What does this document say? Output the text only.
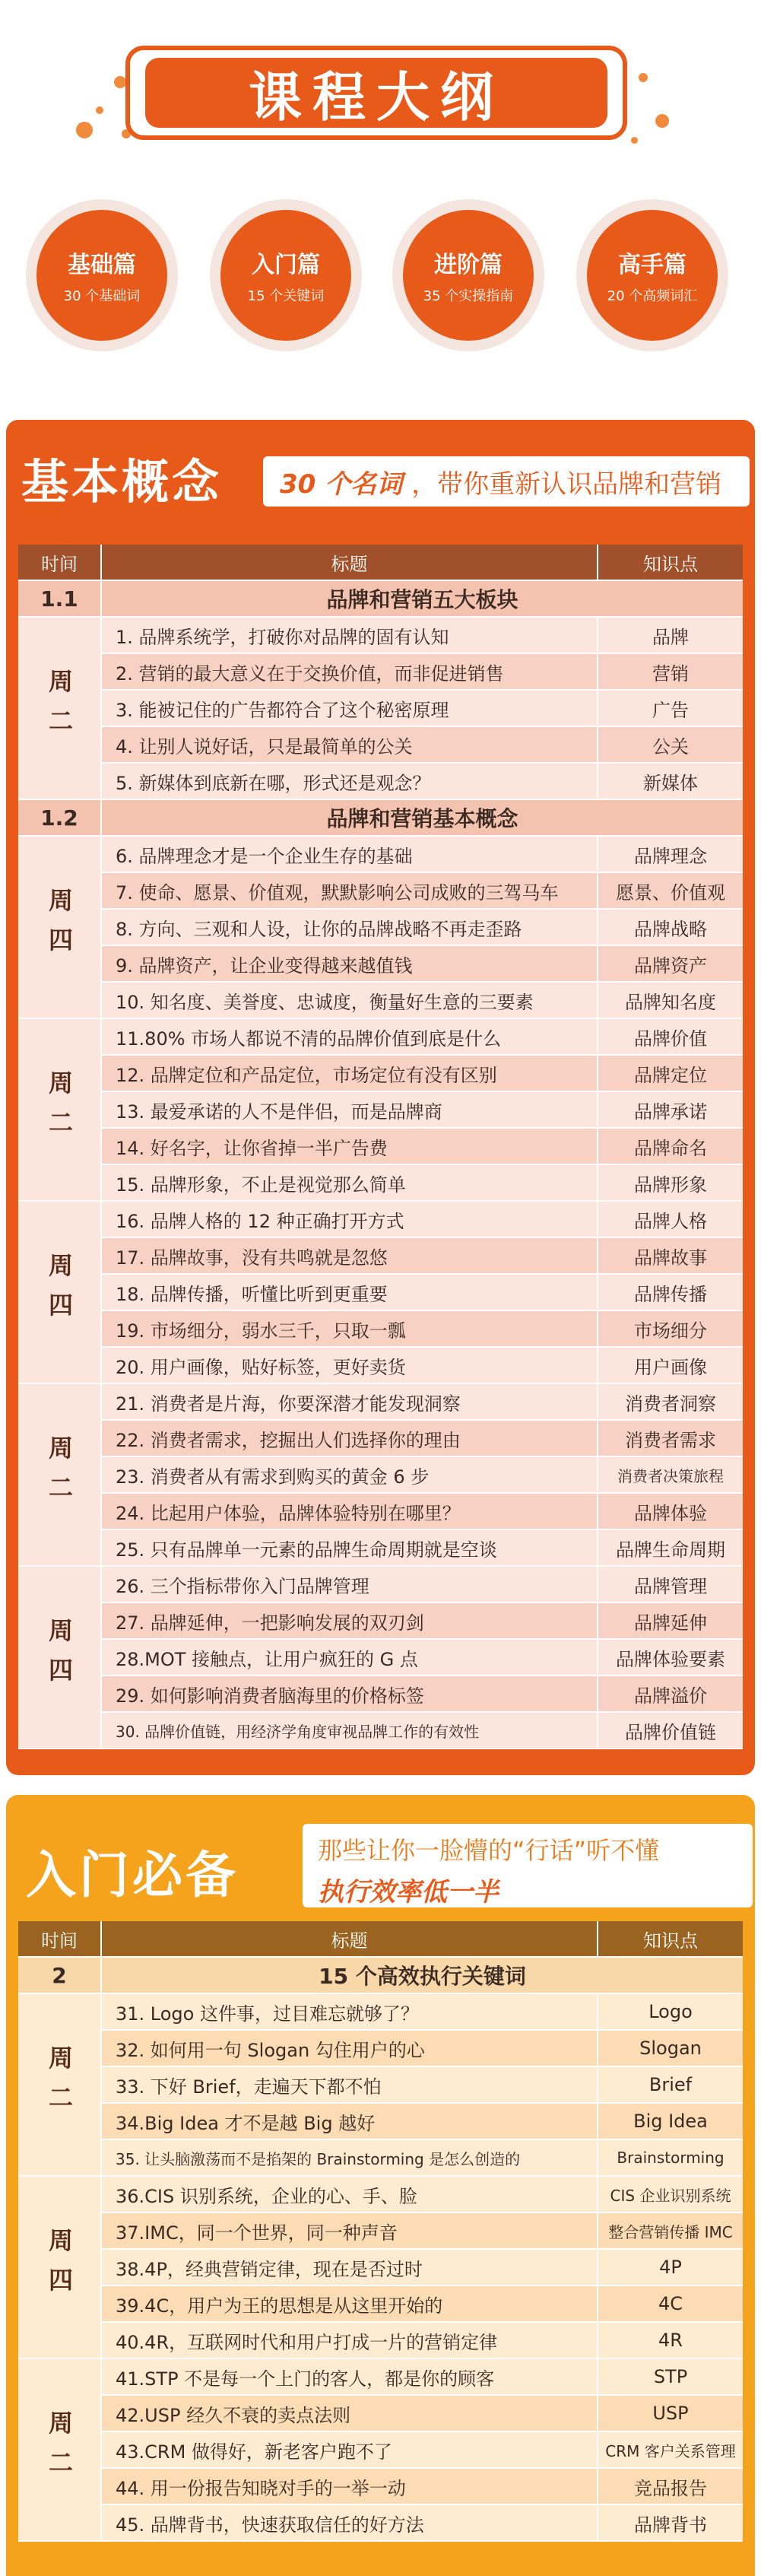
课程大纲
基础篇
30 个基础词
入门篇
15 个关键词
进阶篇
35 个实操指南
高手篇
20 个高频词汇
基本概念 30 个名词 ，带你重新认识品牌和营销
时间	标题	知识点
1.1	品牌和营销五大板块
周二
1. 品牌系统学，打破你对品牌的固有认知	品牌
2. 营销的最大意义在于交换价值，而非促进销售	营销
3. 能被记住的广告都符合了这个秘密原理	广告
4. 让别人说好话，只是最简单的公关	公关
5. 新媒体到底新在哪，形式还是观念？	新媒体
1.2	品牌和营销基本概念
周四
6. 品牌理念才是一个企业生存的基础	品牌理念
7. 使命、愿景、价值观，默默影响公司成败的三驾马车	愿景、价值观
8. 方向、三观和人设，让你的品牌战略不再走歪路	品牌战略
9. 品牌资产，让企业变得越来越值钱	品牌资产
10. 知名度、美誉度、忠诚度，衡量好生意的三要素	品牌知名度
周二
11.80% 市场人都说不清的品牌价值到底是什么	品牌价值
12. 品牌定位和产品定位，市场定位有没有区别	品牌定位
13. 最爱承诺的人不是伴侣，而是品牌商	品牌承诺
14. 好名字，让你省掉一半广告费	品牌命名
15. 品牌形象，不止是视觉那么简单	品牌形象
周四
16. 品牌人格的 12 种正确打开方式	品牌人格
17. 品牌故事，没有共鸣就是忽悠	品牌故事
18. 品牌传播，听懂比听到更重要	品牌传播
19. 市场细分，弱水三千，只取一瓢	市场细分
20. 用户画像，贴好标签，更好卖货	用户画像
周二
21. 消费者是片海，你要深潜才能发现洞察	消费者洞察
22. 消费者需求，挖掘出人们选择你的理由	消费者需求
23. 消费者从有需求到购买的黄金 6 步	消费者决策旅程
24. 比起用户体验，品牌体验特别在哪里？	品牌体验
25. 只有品牌单一元素的品牌生命周期就是空谈	品牌生命周期
周四
26. 三个指标带你入门品牌管理	品牌管理
27. 品牌延伸，一把影响发展的双刃剑	品牌延伸
28.MOT 接触点，让用户疯狂的 G 点	品牌体验要素
29. 如何影响消费者脑海里的价格标签	品牌溢价
30. 品牌价值链，用经济学角度审视品牌工作的有效性	品牌价值链
入门必备	那些让你一脸懵的“行话”听不懂
执行效率低一半
时间	标题	知识点
2	15 个高效执行关键词
周二
31. Logo 这件事，过目难忘就够了？	Logo
32. 如何用一句 Slogan 勾住用户的心	Slogan
33. 下好 Brief，走遍天下都不怕	Brief
34.Big Idea 才不是越 Big 越好	Big Idea
35. 让头脑激荡而不是掐架的 Brainstorming 是怎么创造的	Brainstorming
周四
36.CIS 识别系统，企业的心、手、脸	CIS 企业识别系统
37.IMC，同一个世界，同一种声音	整合营销传播 IMC
38.4P，经典营销定律，现在是否过时	4P
39.4C，用户为王的思想是从这里开始的	4C
40.4R，互联网时代和用户打成一片的营销定律	4R
周二
41.STP 不是每一个上门的客人，都是你的顾客	STP
42.USP 经久不衰的卖点法则	USP
43.CRM 做得好，新老客户跑不了	CRM 客户关系管理
44. 用一份报告知晓对手的一举一动	竞品报告
45. 品牌背书，快速获取信任的好方法	品牌背书
